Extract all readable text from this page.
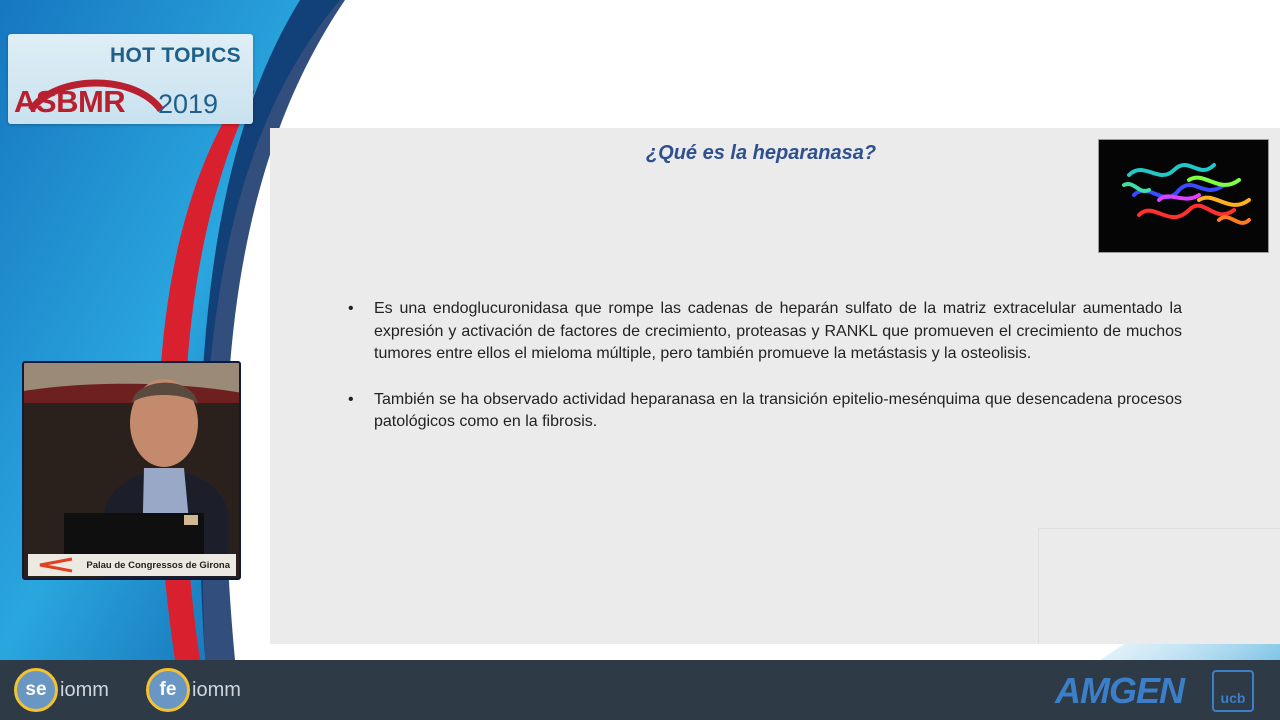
HOT TOPICS
ASBMR 2019
¿Qué es la heparanasa?
• Es una endoglucuronidasa que rompe las cadenas de heparán sulfato de la matriz extracelular aumentado la expresión y activación de factores de crecimiento, proteasas y RANKL que promueven el crecimiento de muchos tumores entre ellos el mieloma múltiple, pero también promueve la metástasis y la osteolisis.
• También se ha observado actividad heparanasa en la transición epitelio-mesénquima que desencadena procesos patológicos como en la fibrosis.
Palau de Congressos de Girona
se iomm	fe iomm	AMGEN	ucb
